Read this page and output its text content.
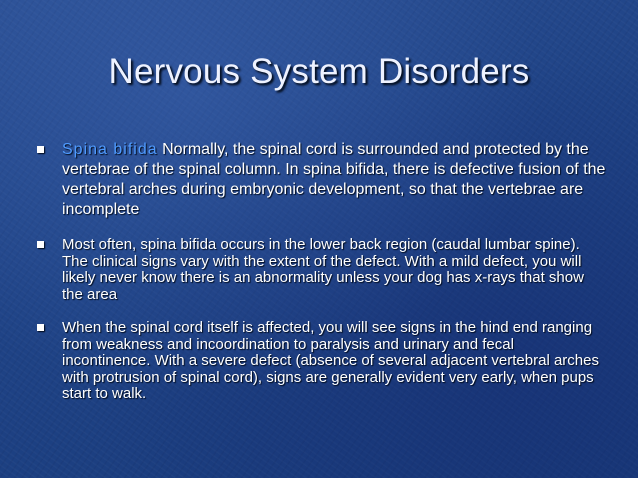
Nervous System Disorders
Spina bifida Normally, the spinal cord is surrounded and protected by the vertebrae of the spinal column. In spina bifida, there is defective fusion of the vertebral arches during embryonic development, so that the vertebrae are incomplete
Most often, spina bifida occurs in the lower back region (caudal lumbar spine). The clinical signs vary with the extent of the defect. With a mild defect, you will likely never know there is an abnormality unless your dog has x-rays that show the area
When the spinal cord itself is affected, you will see signs in the hind end ranging from weakness and incoordination to paralysis and urinary and fecal incontinence. With a severe defect (absence of several adjacent vertebral arches with protrusion of spinal cord), signs are generally evident very early, when pups start to walk.
